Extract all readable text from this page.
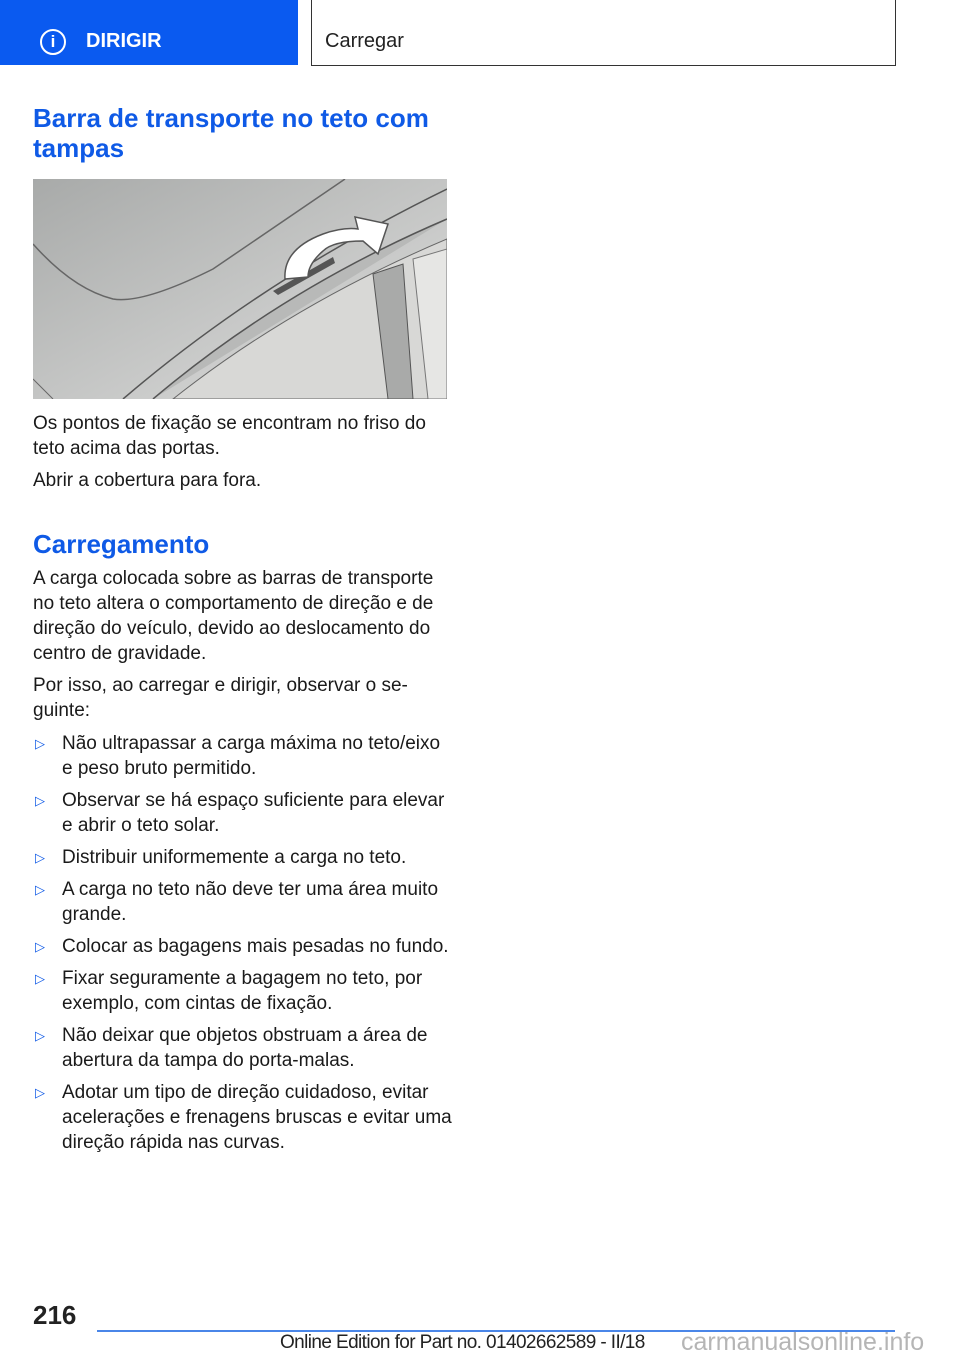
i	DIRIGIR	Carregar
Barra de transporte no teto com tampas

Os pontos de fixação se encontram no friso do teto acima das portas.

Abrir a cobertura para fora.

Carregamento

A carga colocada sobre as barras de transporte no teto altera o comportamento de direção e de direção do veículo, devido ao deslocamento do centro de gravidade.

Por isso, ao carregar e dirigir, observar o se-guinte:

▷ Não ultrapassar a carga máxima no teto/eixo e peso bruto permitido.
▷ Observar se há espaço suficiente para elevar e abrir o teto solar.
▷ Distribuir uniformemente a carga no teto.
▷ A carga no teto não deve ter uma área muito grande.
▷ Colocar as bagagens mais pesadas no fundo.
▷ Fixar seguramente a bagagem no teto, por exemplo, com cintas de fixação.
▷ Não deixar que objetos obstruam a área de abertura da tampa do porta-malas.
▷ Adotar um tipo de direção cuidadoso, evitar acelerações e frenagens bruscas e evitar uma direção rápida nas curvas.
216
Online Edition for Part no. 01402662589 - II/18 carmanualsonline.info
